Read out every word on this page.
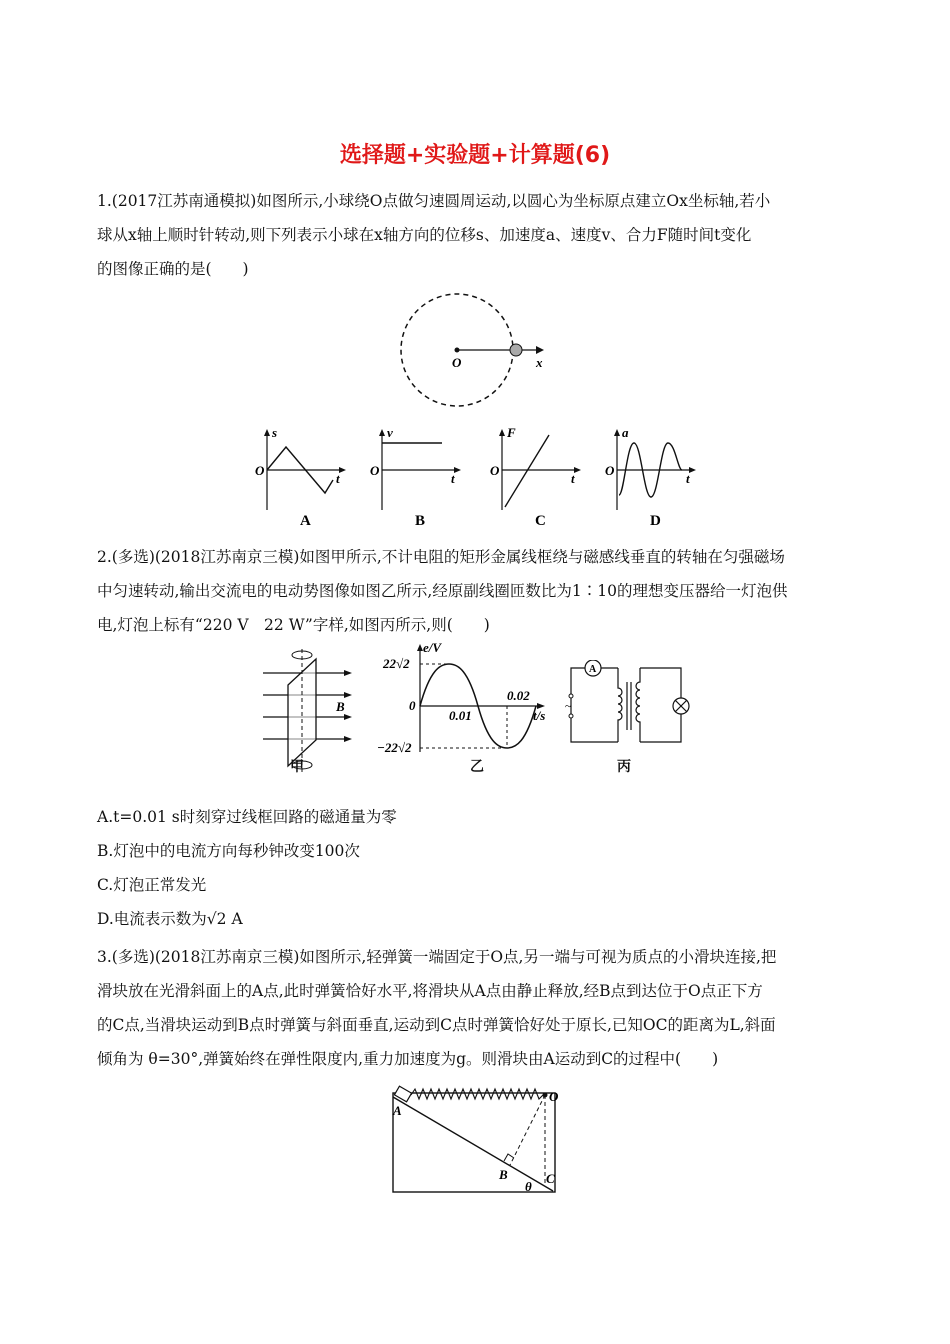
选择题+实验题+计算题(6)
1.(2017江苏南通模拟)如图所示,小球绕O点做匀速圆周运动,以圆心为坐标原点建立Ox坐标轴,若小
球从x轴上顺时针转动,则下列表示小球在x轴方向的位移s、加速度a、速度v、合力F随时间t变化
的图像正确的是(　　)
O	x
s
t
O
A
v
t
O
B
F
t
O
C
a
t
O
D
2.(多选)(2018江苏南京三模)如图甲所示,不计电阻的矩形金属线框绕与磁感线垂直的转轴在匀强磁场
中匀速转动,输出交流电的电动势图像如图乙所示,经原副线圈匝数比为1∶10的理想变压器给一灯泡供
电,灯泡上标有“220 V　22 W”字样,如图丙所示,则(　　)
B
甲
e/V
t/s
0
22√2
−22√2
0.01
0.02
乙
A
~
丙
A.t=0.01 s时刻穿过线框回路的磁通量为零
B.灯泡中的电流方向每秒钟改变100次
C.灯泡正常发光
D.电流表示数为√2 A
3.(多选)(2018江苏南京三模)如图所示,轻弹簧一端固定于O点,另一端与可视为质点的小滑块连接,把
滑块放在光滑斜面上的A点,此时弹簧恰好水平,将滑块从A点由静止释放,经B点到达位于O点正下方
的C点,当滑块运动到B点时弹簧与斜面垂直,运动到C点时弹簧恰好处于原长,已知OC的距离为L,斜面
倾角为 θ=30°,弹簧始终在弹性限度内,重力加速度为g。则滑块由A运动到C的过程中(　　)
A
B	C
O
θ
